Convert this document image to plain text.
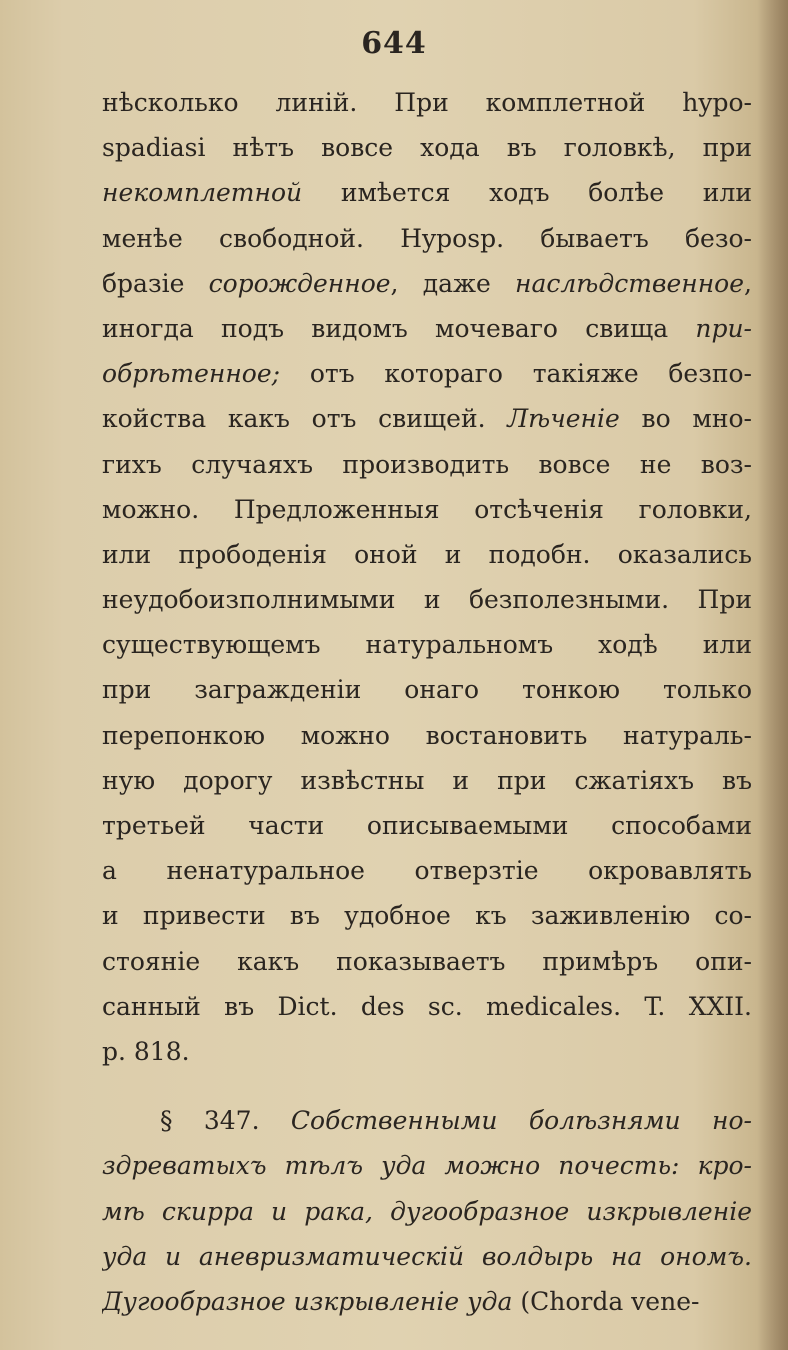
644
нѣсколько линій. При комплетной hypo-
spadiasi нѣтъ вовсе хода въ головкѣ, при
некомплетной имѣется ходъ болѣе или
менѣе свободной. Hyposp. бываетъ безо-
бразіе сорожденное, даже наслѣдственное,
иногда подъ видомъ мочеваго свища при-
обрѣтенное; отъ котораго такіяже безпо-
койства какъ отъ свищей. Лѣченіе во мно-
гихъ случаяхъ производить вовсе не воз-
можно. Предложенныя отсѣченія головки,
или прободенія оной и подобн. оказались
неудобоизполнимыми и безполезными. При
существующемъ натуральномъ ходѣ или
при загражденіи онаго тонкою только
перепонкою можно востановить натураль-
ную дорогу извѣстны и при сжатіяхъ въ
третьей части описываемыми способами
а ненатуральное отверзтіе окровавлять
и привести въ удобное къ заживленію со-
стояніе какъ показываетъ примѣръ опи-
санный въ Dict. des sc. medicales. T. XXII.
p. 818.
§ 347. Собственными болѣзнями но-
здреватыхъ тѣлъ уда можно почесть: кро-
мѣ скирра и рака, дугообразное изкрывленіе
уда и аневризматическій волдырь на ономъ.
Дугообразное изкрывленіе уда (Chorda vene-
